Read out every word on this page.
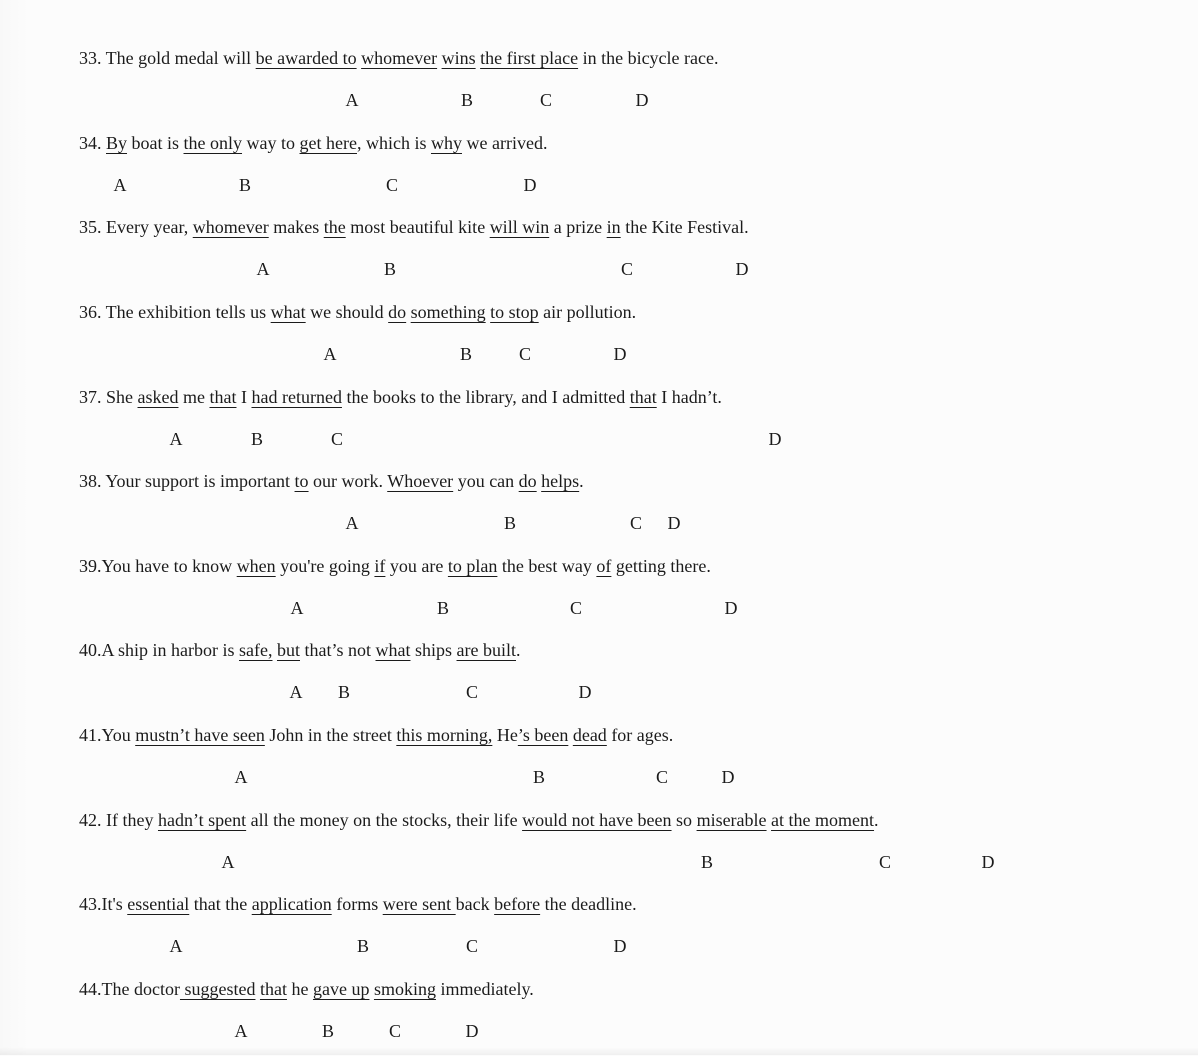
33. The gold medal will be awarded to whomever wins the first place in the bicycle race.
A	B	C	D
34. By boat is the only way to get here, which is why we arrived.
A	B	C	D
35. Every year, whomever makes the most beautiful kite will win a prize in the Kite Festival.
A	B	C	D
36. The exhibition tells us what we should do something to stop air pollution.
A	B	C	D
37. She asked me that I had returned the books to the library, and I admitted that I hadn’t.
A	B	C	D
38. Your support is important to our work. Whoever you can do helps.
A	B	C D
39.You have to know when you're going if you are to plan the best way of getting there.
A	B	C	D
40.A ship in harbor is safe, but that’s not what ships are built.
A B	C	D
41.You mustn’t have seen John in the street this morning, He’s been dead for ages.
A	B	C	D
42. If they hadn’t spent all the money on the stocks, their life would not have been so miserable at the moment.
A	B	C	D
43.It's essential that the application forms were sent back before the deadline.
A	B	C	D
44.The doctor suggested that he gave up smoking immediately.
A	B	C	D
